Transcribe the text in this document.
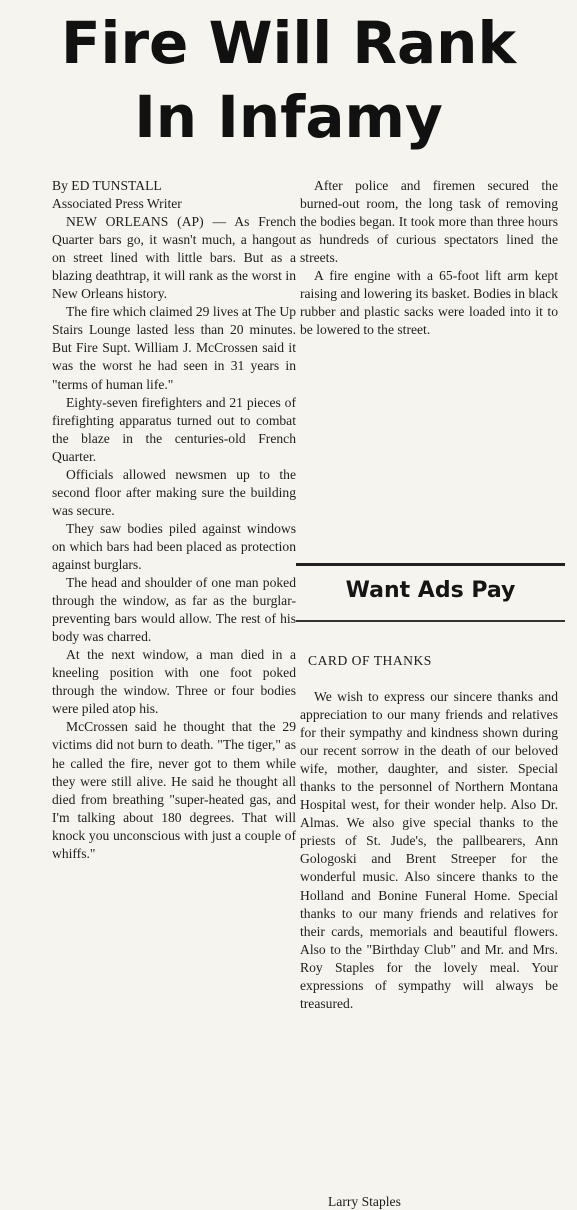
Fire Will Rank
In Infamy

By ED TUNSTALL

Associated Press Writer

NEW ORLEANS (AP) — As French Quarter bars go, it wasn't much, a hangout on street lined with little bars. But as a blazing deathtrap, it will rank as the worst in New Orleans history.

The fire which claimed 29 lives at The Up Stairs Lounge lasted less than 20 minutes. But Fire Supt. William J. McCrossen said it was the worst he had seen in 31 years in "terms of human life."

Eighty-seven firefighters and 21 pieces of firefighting apparatus turned out to combat the blaze in the centuries-old French Quarter.

Officials allowed newsmen up to the second floor after making sure the building was secure.

They saw bodies piled against windows on which bars had been placed as protection against burglars.

The head and shoulder of one man poked through the window, as far as the burglar-preventing bars would allow. The rest of his body was charred.

At the next window, a man died in a kneeling position with one foot poked through the window. Three or four bodies were piled atop his.

McCrossen said he thought that the 29 victims did not burn to death. "The tiger," as he called the fire, never got to them while they were still alive. He said he thought all died from breathing "super-heated gas, and I'm talking about 180 degrees. That will knock you unconscious with just a couple of whiffs."

After police and firemen secured the burned-out room, the long task of removing the bodies began. It took more than three hours as hundreds of curious spectators lined the streets.

A fire engine with a 65-foot lift arm kept raising and lowering its basket. Bodies in black rubber and plastic sacks were loaded into it to be lowered to the street.

Want Ads Pay
CARD OF THANKS

We wish to express our sincere thanks and appreciation to our many friends and relatives for their sympathy and kindness shown during our recent sorrow in the death of our beloved wife, mother, daughter, and sister. Special thanks to the personnel of Northern Montana Hospital west, for their wonder help. Also Dr. Almas. We also give special thanks to the priests of St. Jude's, the pallbearers, Ann Gologoski and Brent Streeper for the wonderful music. Also sincere thanks to the Holland and Bonine Funeral Home. Special thanks to our many friends and relatives for their cards, memorials and beautiful flowers. Also to the "Birthday Club" and Mr. and Mrs. Roy Staples for the lovely meal. Your expressions of sympathy will always be treasured.

Larry Staples
